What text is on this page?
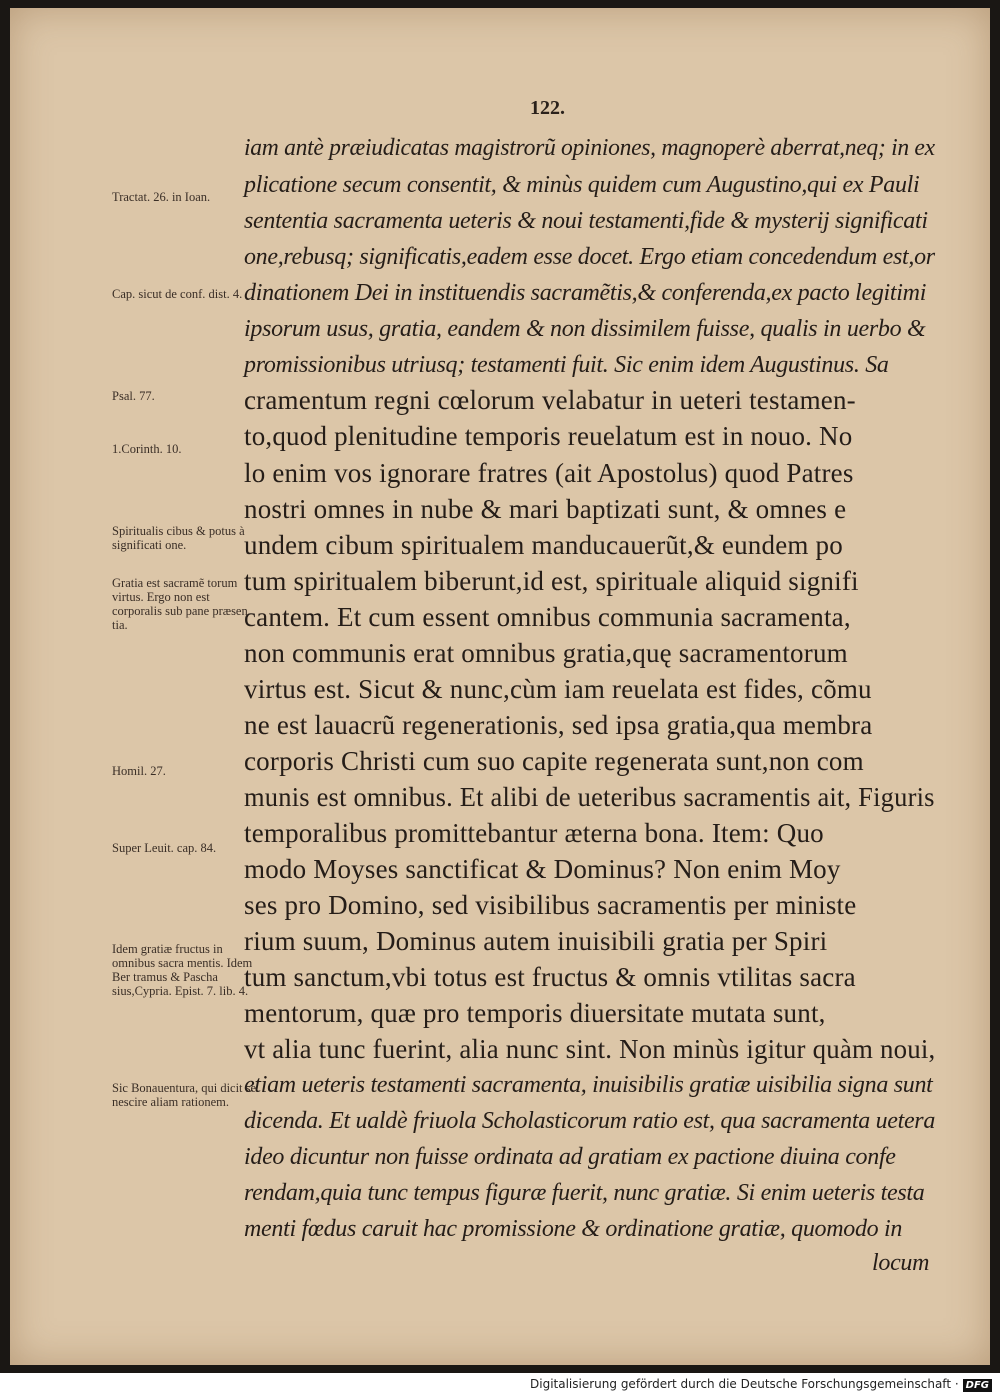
122.
iam antè præiudicatas magistrorũ opiniones, magnoperè aberrat,neq; in ex
plicatione secum consentit, & minùs quidem cum Augustino,qui ex Pauli
sententia sacramenta ueteris & noui testamenti,fide & mysterij significati
one,rebusq; significatis,eadem esse docet. Ergo etiam concedendum est,or
dinationem Dei in instituendis sacramẽtis,& conferenda,ex pacto legitimi
ipsorum usus, gratia, eandem & non dissimilem fuisse, qualis in uerbo &
promissionibus utriusq; testamenti fuit. Sic enim idem Augustinus. Sa
cramentum regni cœlorum velabatur in ueteri testamen-
to,quod plenitudine temporis reuelatum est in nouo. No
lo enim vos ignorare fratres (ait Apostolus) quod Patres
nostri omnes in nube & mari baptizati sunt, & omnes e
undem cibum spiritualem manducauerũt,& eundem po
tum spiritualem biberunt,id est, spirituale aliquid signifi
cantem. Et cum essent omnibus communia sacramenta,
non communis erat omnibus gratia,quę sacramentorum
virtus est. Sicut & nunc,cùm iam reuelata est fides, cõmu
ne est lauacrũ regenerationis, sed ipsa gratia,qua membra
corporis Christi cum suo capite regenerata sunt,non com
munis est omnibus. Et alibi de ueteribus sacramentis ait, Figuris
temporalibus promittebantur æterna bona. Item: Quo
modo Moyses sanctificat & Dominus? Non enim Moy
ses pro Domino, sed visibilibus sacramentis per ministe
rium suum, Dominus autem inuisibili gratia per Spiri
tum sanctum,vbi totus est fructus & omnis vtilitas sacra
mentorum, quæ pro temporis diuersitate mutata sunt,
vt alia tunc fuerint, alia nunc sint. Non minùs igitur quàm noui,
etiam ueteris testamenti sacramenta, inuisibilis gratiæ uisibilia signa sunt
dicenda. Et ualdè friuola Scholasticorum ratio est, qua sacramenta uetera
ideo dicuntur non fuisse ordinata ad gratiam ex pactione diuina confe
rendam,quia tunc tempus figuræ fuerit, nunc gratiæ. Si enim ueteris testa
menti fœdus caruit hac promissione & ordinatione gratiæ, quomodo in
locum
Tractat. 26. in Ioan.
Cap. sicut de conf. dist. 4.
Psal. 77.
1.Corinth. 10.
Spiritualis cibus & potus à significati one.
Gratia est sacramẽ torum virtus. Ergo non est corporalis sub pane præsen tia.
Homil. 27.
Super Leuit. cap. 84.
Idem gratiæ fructus in omnibus sacra mentis. Idem Ber tramus & Pascha sius,Cypria. Epist. 7. lib. 4.
Sic Bonauentura, qui dicit se nescire aliam rationem.
Digitalisierung gefördert durch die Deutsche Forschungsgemeinschaft · DFG
